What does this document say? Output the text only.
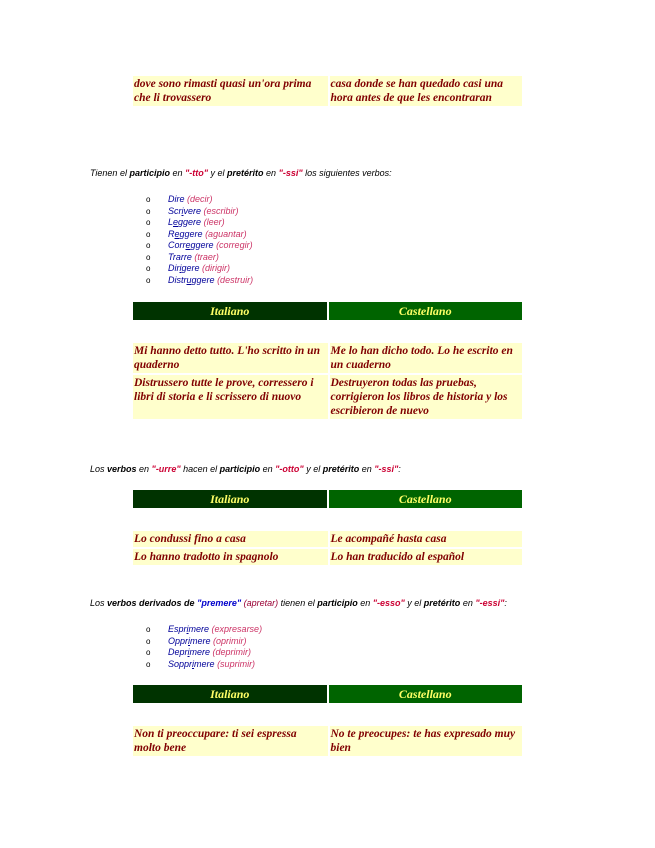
dove sono rimasti quasi un'ora prima che li trovassero	casa donde se han quedado casi una hora antes de que les encontraran
Tienen el participio en "-tto" y el pretérito en "-ssi" los siguientes verbos:
o Dire (decir)
o Scrivere (escribir)
o Leggere (leer)
o Reggere (aguantar)
o Correggere (corregir)
o Trarre (traer)
o Dirigere (dirigir)
o Distruggere (destruir)
Italiano	Castellano
Mi hanno detto tutto. L'ho scritto in un quaderno	Me lo han dicho todo. Lo he escrito en un cuaderno
Distrussero tutte le prove, corressero i libri di storia e li scrissero di nuovo	Destruyeron todas las pruebas, corrigieron los libros de historia y los escribieron de nuevo
Los verbos en "-urre" hacen el participio en "-otto" y el pretérito en "-ssi":
Italiano	Castellano
Lo condussi fino a casa	Le acompañé hasta casa
Lo hanno tradotto in spagnolo	Lo han traducido al español
Los verbos derivados de "premere" (apretar) tienen el participio en "-esso" y el pretérito en "-essi":
o Esprimere (expresarse)
o Opprimere (oprimir)
o Deprimere (deprimir)
o Sopprimere (suprimir)
Italiano	Castellano
Non ti preoccupare: ti sei espressa molto bene	No te preocupes: te has expresado muy bien
